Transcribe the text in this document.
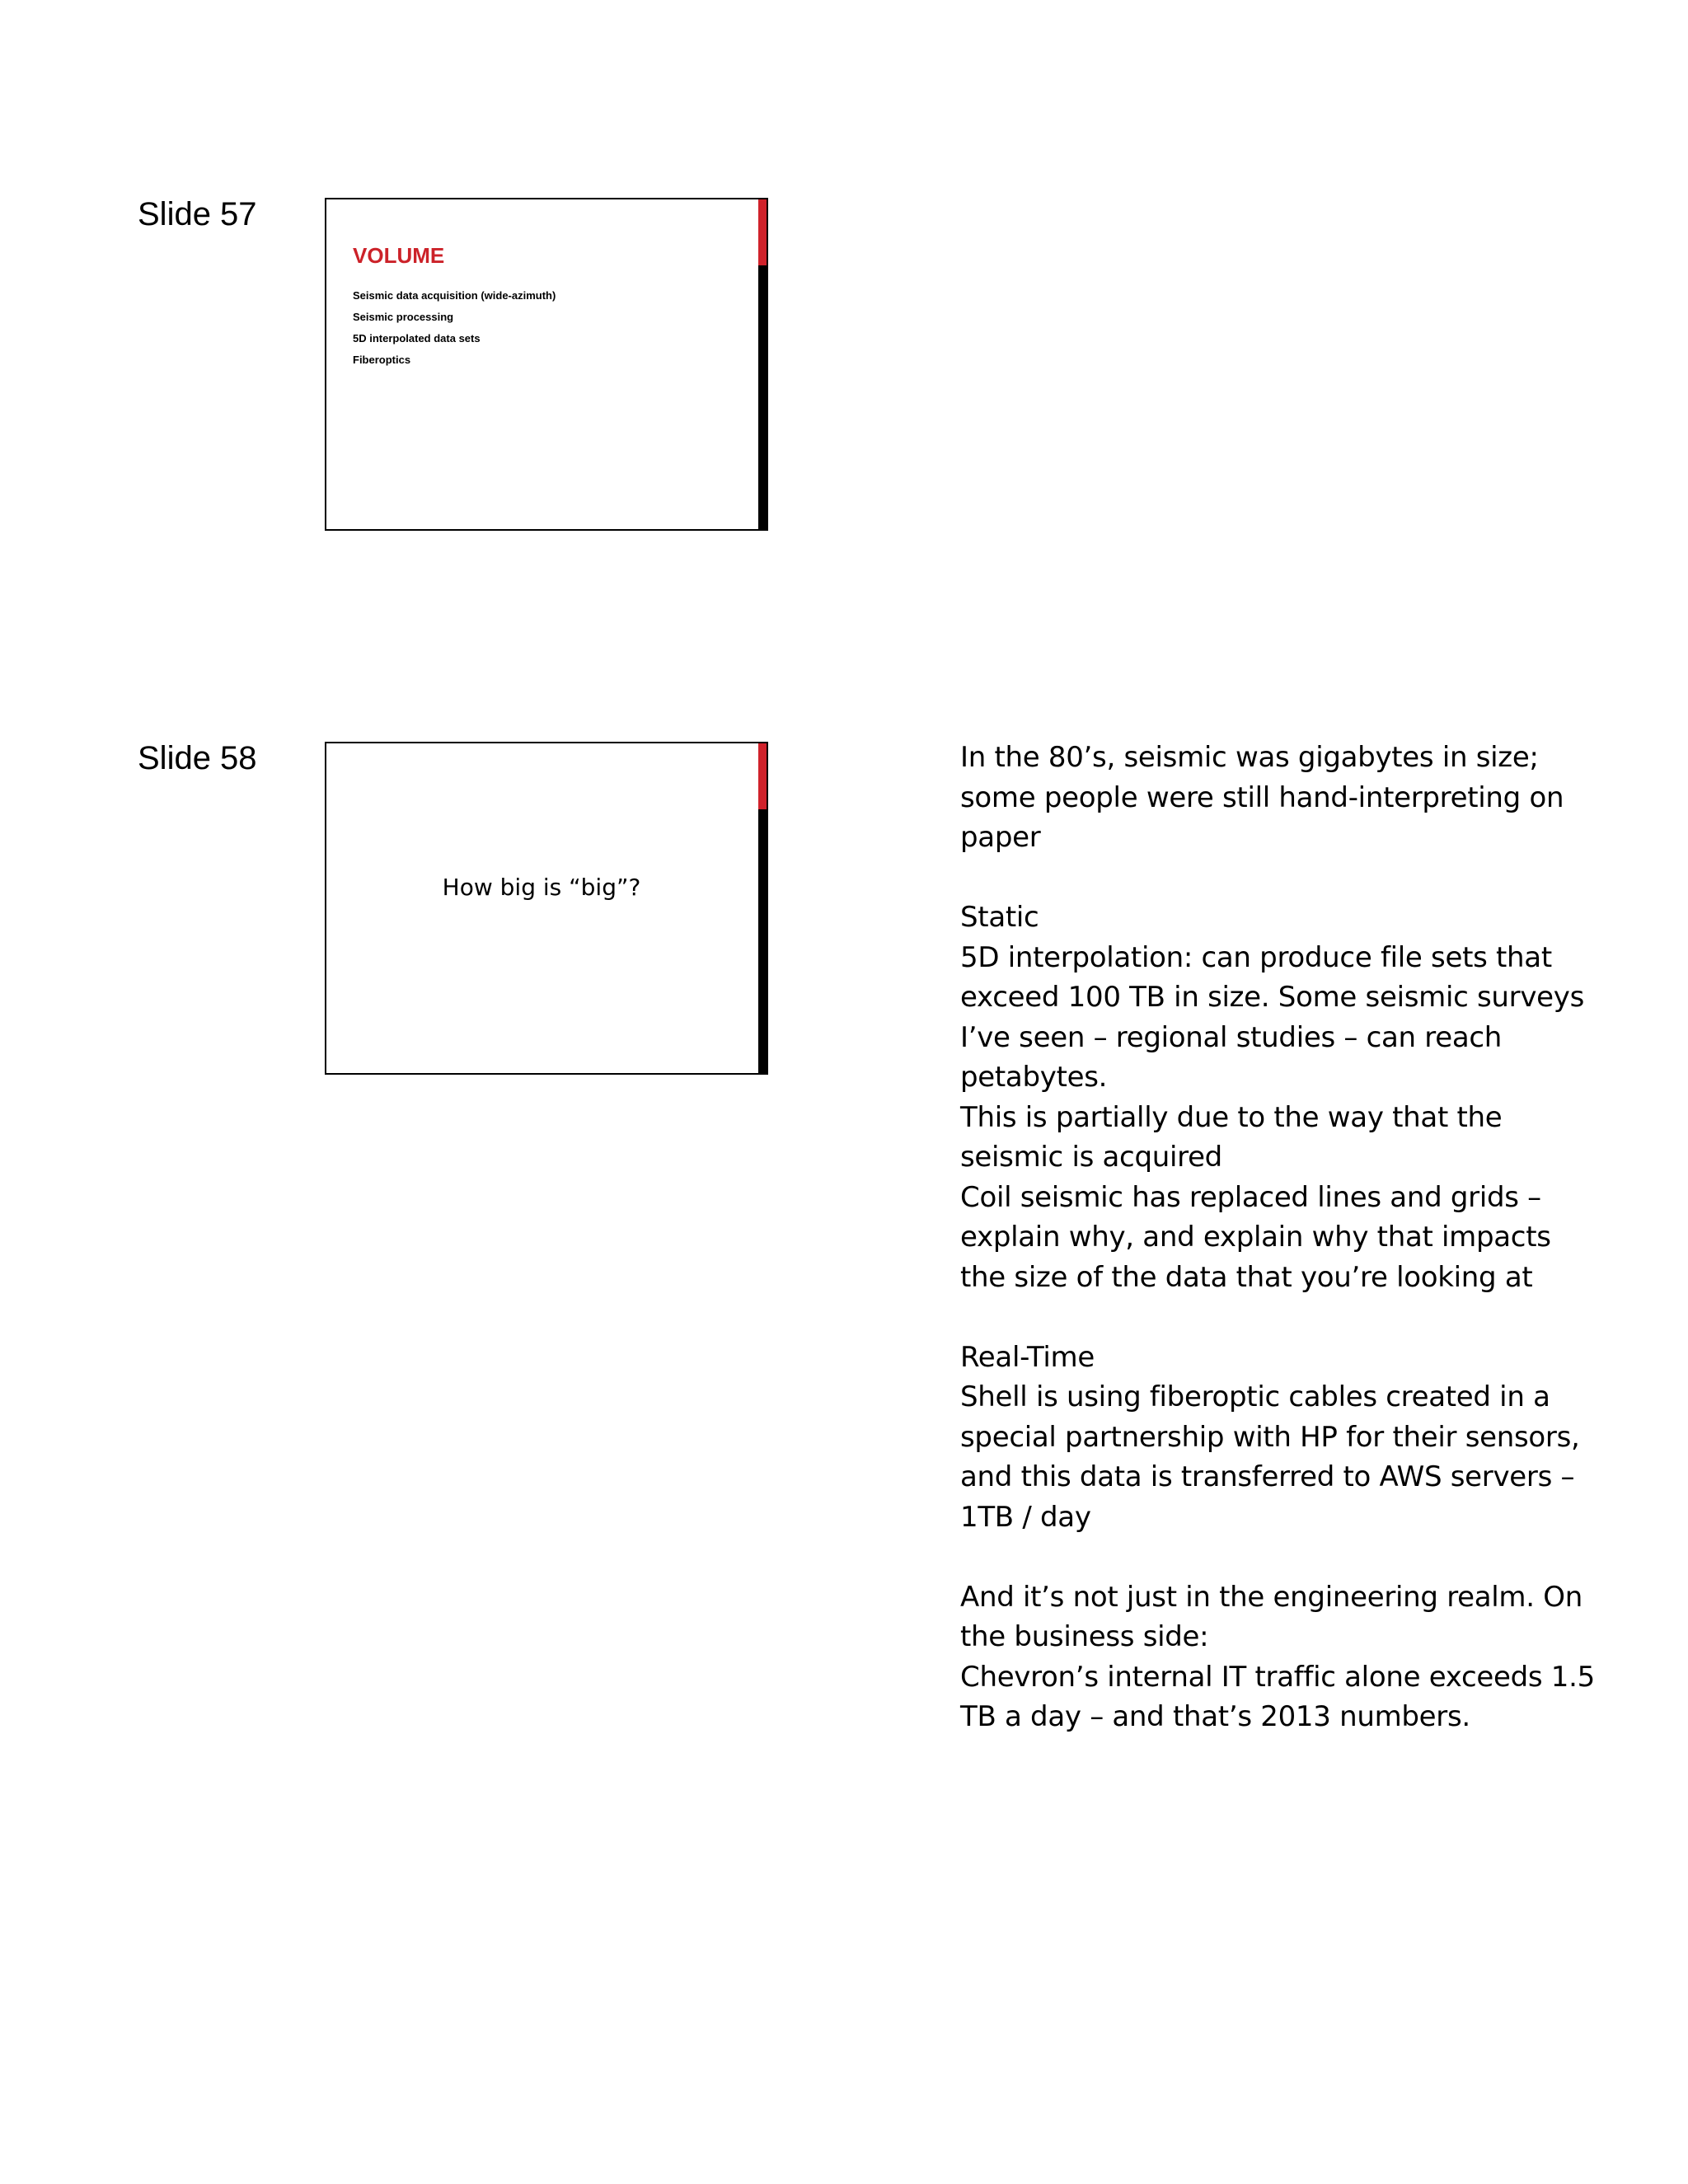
Slide 57
VOLUME
Seismic data acquisition (wide-azimuth)
Seismic processing
5D interpolated data sets
Fiberoptics
Slide 58
How big is “big”?

In the 80’s, seismic was gigabytes in size;

some people were still hand-interpreting on

paper

Static

5D interpolation: can produce file sets that

exceed 100 TB in size. Some seismic surveys

I’ve seen – regional studies – can reach

petabytes.

This is partially due to the way that the

seismic is acquired

Coil seismic has replaced lines and grids –

explain why, and explain why that impacts

the size of the data that you’re looking at

Real-Time

Shell is using fiberoptic cables created in a

special partnership with HP for their sensors,

and this data is transferred to AWS servers –

1TB / day

And it’s not just in the engineering realm. On

the business side:

Chevron’s internal IT traffic alone exceeds 1.5

TB a day – and that’s 2013 numbers.
